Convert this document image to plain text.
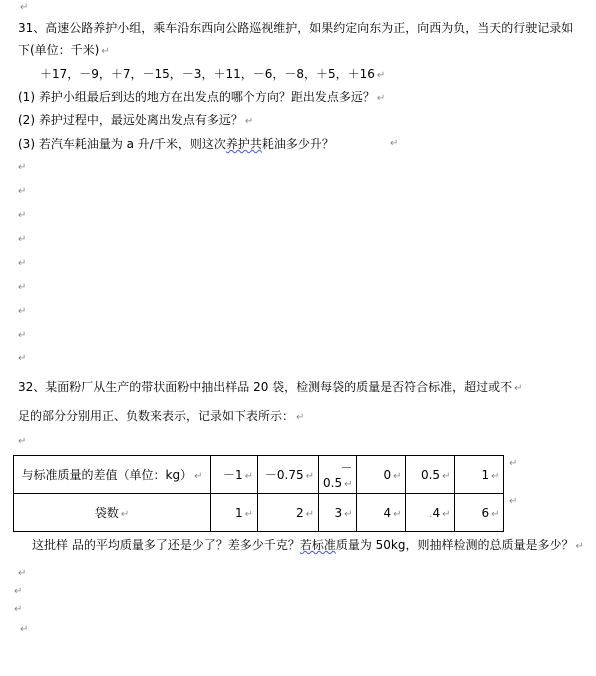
↵
31、高速公路养护小组，乘车沿东西向公路巡视维护，如果约定向东为正，向西为负，当天的行驶记录如
下(单位：千米) ↵
＋17，－9，＋7，－15，－3，＋11，－6，－8，＋5，＋16 ↵
(1) 养护小组最后到达的地方在出发点的哪个方向？距出发点多远？ ↵
(2) 养护过程中，最远处离出发点有多远？ ↵
(3) 若汽车耗油量为 a 升/千米，则这次养护共耗油多少升？	↵
↵
↵
↵
↵
↵
↵
↵
↵
↵
32、某面粉厂从生产的带状面粉中抽出样品 20 袋，检测每袋的质量是否符合标准，超过或不 ↵
足的部分分别用正、负数来表示，记录如下表所示： ↵
↵
与标准质量的差值（单位：kg） ↵	－1 ↵	－0.75 ↵	－0.5 ↵	0 ↵	0.5 ↵	1 ↵
袋数 ↵	1 ↵	2 ↵	3 ↵	4 ↵	.4 ↵	6 ↵
↵
↵
这批样 品的平均质量多了还是少了？差多少千克？若标准质量为 50kg，则抽样检测的总质量是多少？ ↵
↵
↵
↵
↵
